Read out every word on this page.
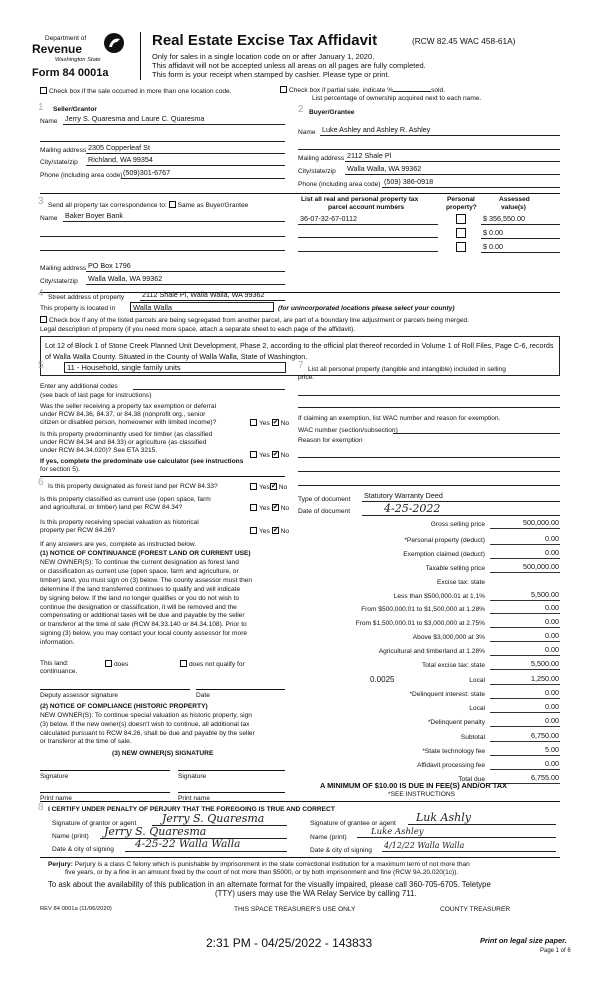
Department of
Revenue
Washington State
Form 84 0001a
Real Estate Excise Tax Affidavit	(RCW 82.45 WAC 458-61A)
Only for sales in a single location code on or after January 1, 2020.
This affidavit will not be accepted unless all areas on all pages are fully completed.
This form is your receipt when stamped by cashier. Please type or print.
Check box if the sale occurred in more than one location code.	Check box if partial sale, indicate %	sold.
List percentage of ownership acquired next to each name.
1 Seller/Grantor
Name Jerry S. Quaresma and Laure C. Quaresma
Mailing address 2305 Copperleaf St
City/state/zip Richland, WA 99354
Phone (including area code) (509)301-6767
2 Buyer/Grantee
Name Luke Ashley and Ashley R. Ashley
Mailing address 2112 Shale Pl
City/state/zip Walla Walla, WA 99362
Phone (including area code) (509) 386-0918
3 Send all property tax correspondence to: Same as Buyer/Grantee
Name Baker Boyer Bank
Mailing address PO Box 1796
City/state/zip Walla Walla, WA 99362
List all real and personal property tax
parcel account numbers
Personal
property?
Assessed
value(s)
36-07-32-67-0112	$ 356,550.00
$ 0.00
$ 0.00
4 Street address of property 2112 Shale Pl, Walla Walla, WA 99362
This property is located in	Walla Walla	(for unincorporated locations please select your county)
Check box if any of the listed parcels are being segregated from another parcel, are part of a boundary line adjustment or parcels being merged.
Legal description of property (if you need more space, attach a separate sheet to each page of the affidavit).
Lot 12 of Block 1 of Stone Creek Planned Unit Development, Phase 2, according to the official plat thereof recorded in Volume 1 of Roll Files, Page C-6, records of Walla Walla County. Situated in the County of Walla Walla, State of Washington.
5	11 - Household, single family units
Enter any additional codes
(see back of last page for instructions)
Was the seller receiving a property tax exemption or deferral
under RCW 84.36, 84.37, or 84.38 (nonprofit org., senior
citizen or disabled person, homeowner with limited income)?	Yes ✓ No
Is this property predominantly used for timber (as classified
under RCW 84.34 and 84.33) or agriculture (as classified
under RCW 84.34.020)? See ETA 3215.
Yes ✓ No
If yes, complete the predominate use calculator (see instructions
for section 5).
7 List all personal property (tangible and intangible) included in selling
price.
If claiming an exemption, list WAC number and reason for exemption.
WAC number (section/subsection)
Reason for exemption
6 Is this property designated as forest land per RCW 84.33?	Yes ✓ No
Is this property classified as current use (open space, farm
and agricultural, or timber) land per RCW 84.34?	Yes ✓ No
Is this property receiving special valuation as historical
property per RCW 84.26?	Yes ✓ No
If any answers are yes, complete as instructed below.
(1) NOTICE OF CONTINUANCE (FOREST LAND OR CURRENT USE)
NEW OWNER(S): To continue the current designation as forest land
or classification as current use (open space, farm and agriculture, or
timber) land, you must sign on (3) below. The county assessor must then
determine if the land transferred continues to qualify and will indicate
by signing below. If the land no longer qualifies or you do not wish to
continue the designation or classification, it will be removed and the
compensating or additional taxes will be due and payable by the seller
or transferor at the time of sale (RCW 84.33.140 or 84.34.108). Prior to
signing (3) below, you may contact your local county assessor for more
information.
This land:	does	does not qualify for
continuance.
Deputy assessor signature	Date
(2) NOTICE OF COMPLIANCE (HISTORIC PROPERTY)
NEW OWNER(S): To continue special valuation as historic property, sign
(3) below. If the new owner(s) doesn't wish to continue, all additional tax
calculated pursuant to RCW 84.26, shall be due and payable by the seller
or transferor at the time of sale.
(3) NEW OWNER(S) SIGNATURE
Signature	Signature
Print name	Print name
Type of document Statutory Warranty Deed
Date of document	4-25-2022
Gross selling price	500,000.00
*Personal property (deduct)	0.00
Exemption claimed (deduct)	0.00
Taxable selling price	500,000.00
Excise tax: state
Less than $500,000.01 at 1.1%	5,500.00
From $500,000.01 to $1,500,000 at 1.28%	0.00
From $1,500,000.01 to $3,000,000 at 2.75%	0.00
Above $3,000,000 at 3%	0.00
Agricultural and timberland at 1.28%	0.00
Total excise tax: state	5,500.00
Local	1,250.00
*Delinquent interest: state	0.00
Local	0.00
*Delinquent penalty	0.00
Subtotal	6,750.00
*State technology fee	5.00
Affidavit processing fee	0.00
Total due	6,755.00
0.0025
A MINIMUM OF $10.00 IS DUE IN FEE(S) AND/OR TAX
*SEE INSTRUCTIONS
8 I CERTIFY UNDER PENALTY OF PERJURY THAT THE FOREGOING IS TRUE AND CORRECT
Signature of grantor or agent	Jerry S. Quaresma
Name (print)	Jerry S. Quaresma
Date & city of signing	4-25-22 Walla Walla
Signature of grantee or agent	Luk Ashly
Name (print)
Luke Ashley
Date & city of signing
4/12/22 Walla Walla
Perjury: Perjury is a class C felony which is punishable by imprisonment in the state correctional institution for a maximum term of not more than
five years, or by a fine in an amount fixed by the court of not more than $5000, or by both imprisonment and fine (RCW 9A.20.020(1c)).
To ask about the availability of this publication in an alternate format for the visually impaired, please call 360-705-6705. Teletype
(TTY) users may use the WA Relay Service by calling 711.
REV 84 0001a (11/06/2020)	THIS SPACE TREASURER'S USE ONLY	COUNTY TREASURER
2:31 PM - 04/25/2022 - 143833	Print on legal size paper.
Page 1 of 6
